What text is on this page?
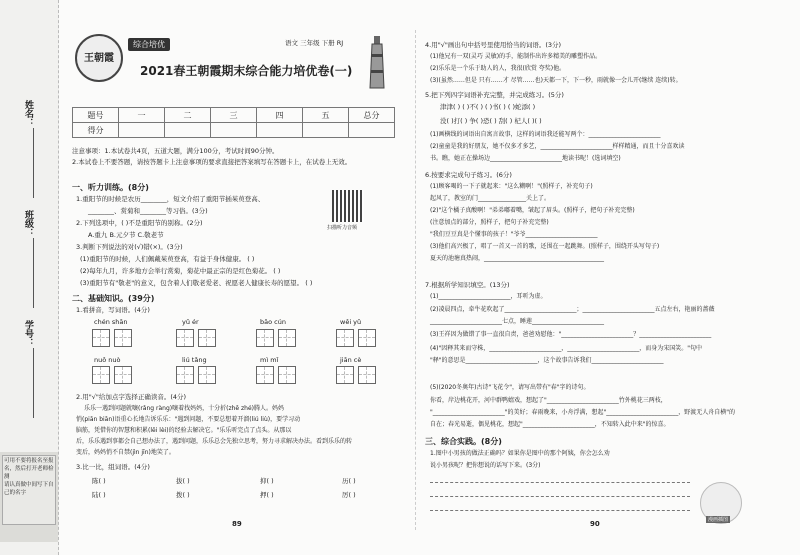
姓名：
班级：
学号：
可用不要将报名至报名，然后打开老师检测
请认真做中间写下自己的名字
王朝霞
综合培优	语文 三年级 下册 RJ
2021春王朝霞期末综合能力培优卷(一)
题号	一	二	三	四	五	总分
得分						
注意事项：1.本试卷共4页，五道大题，满分100分，考试时间90分钟。
2.本试卷上不要答题，请按答题卡上注意事项的要求直接把答案填写在答题卡上，在试卷上无效。
一、听力训练。(8分)
1.重阳节的时候是农历________，短文介绍了重阳节插茱萸登高、
________、赏菊和________等习俗。(3分)
2.下列选项中，( )不是重阳节的别称。(2分)
A.重九 B.元夕节 C.敬老节
3.判断下列说法的对(√)错(×)。(3分)
(1)重阳节的时候，人们佩戴茱萸登高，有益于身体健康。 ( )
(2)每年九月，许多地方会举行赏菊，菊花中最正宗的是红色菊花。 ( )
(3)重阳节有"敬老"的意义，包含着人们敬老爱老、祝愿老人健康长寿的愿望。 ( )
扫描听力音频
二、基础知识。(39分)
1.看拼音，写词语。(4分)
chén shān	yǔ ér	bāo cún	wěi yǔ
nuǒ nuò	liú tǎng	mì mǐ	jiān cè
2.用"√"给加点字选择正确读音。(4分)
乐乐一遇到问题就嚷(rǎng ràng)嚷着找妈妈，十分折(zhē zhé)腾人。妈妈
悄(piān biān)语重心长地告诉乐乐："遇到问题，不要总想着开溜(liú liù)，要学习动
脑筋，凭借你的智慧和积累(lěi lèi)的经验去解决它。"乐乐听完点了点头。从那以
后，乐乐遇到事都会自己想办法了，遇到问题，乐乐总会先独立思考，努力寻求解决办法。看到乐乐的转
变后，妈妈悄不自禁(jìn jīn)地笑了。
3.比一比，组词语。(4分)
陈( )	拔( )	抑( )	历( )
陆( )	拨( )	押( )	厉( )
89
4.用"√"画出句中括号里使用恰当的词语。(3分)
(1)他兄有一双(灵巧 灵敏)的手，能制作出许多精美的雕塑作品。
(2)乐乐是一个乐于助人的人，我很(欣赏 夸奖)他。
(3)(虽然……但是 只有……才 尽管……也)天都一下，下一秒，雨就像一会儿开(继续 连续)转。
5.把下列四字词语补充完整，并完成练习。(5分)
津津( ) ( )不( ) ( )书( ) ( )蛇添( )
没( )打( ) 争( )恐( ) 刮( ) 杞人( )( )
(1)画横线的词语出自寓言故事，这样的词语我还能写两个：________________________
(2)童童是我的好朋友，她不仅多才多艺，________________________样样精通，而且十分喜欢读
书。瞧，她正在操场边________________________地读书呢！(选词填空)
6.按要求完成句子练习。(6分)
(1)顾客喝的一下子就起来："这么糊啊！"(照样子，补充句子)
起风了，教室的门________________关上了。
(2)"这个橘子真酸啊！"弟弟嘟着嘴，皱起了眉头。(照样子，把句子补充完整)
(注意加点的部分，照样子，把句子补充完整)
"我们豆豆真是个懂事的孩子！"爷爷________________________
(3)他们高兴极了，唱了一首又一首的歌，还围在一起跳舞。(照样子，围绕开头写句子)
夏天的池塘真热闹，________________________________________
7.根据所学知识填空。(13分)
(1)________________________，耳听为虚。
(2)凌晨四点，牵牛花吹起了________________________；________________________五点左右，艳丽的蔷薇
________________________七点，睡莲________________________
(3)王祥因为做错了事一直很自责，爸爸劝慰他："________________________？________________________
(4)"因释其来而守株，________________________，________________________，而身为宋国笑。"句中
"释"的意思是________________________，这个故事告诉我们________________________
(5)(2020冬奥年)古诗"飞花令"，请写出带有"春"字的诗句。
你看，岸边桃花开，河中群鸭嬉戏，想起了"________________________竹外桃花三两枝，
"________________________"的美好；春雨晚来，小舟浮满，想起"________________________，野渡无人舟自横"的
自在；春光易逝，偶见桃花，想起"________________________，不知转入此中来"的惊喜。
三、综合实践。(8分)
1.图中小男孩的做法正确吗？如果你是图中的那个阿姨，你会怎么劝
说小男孩呢？把你想说的话写下来。(3分)
漫画插图
90
